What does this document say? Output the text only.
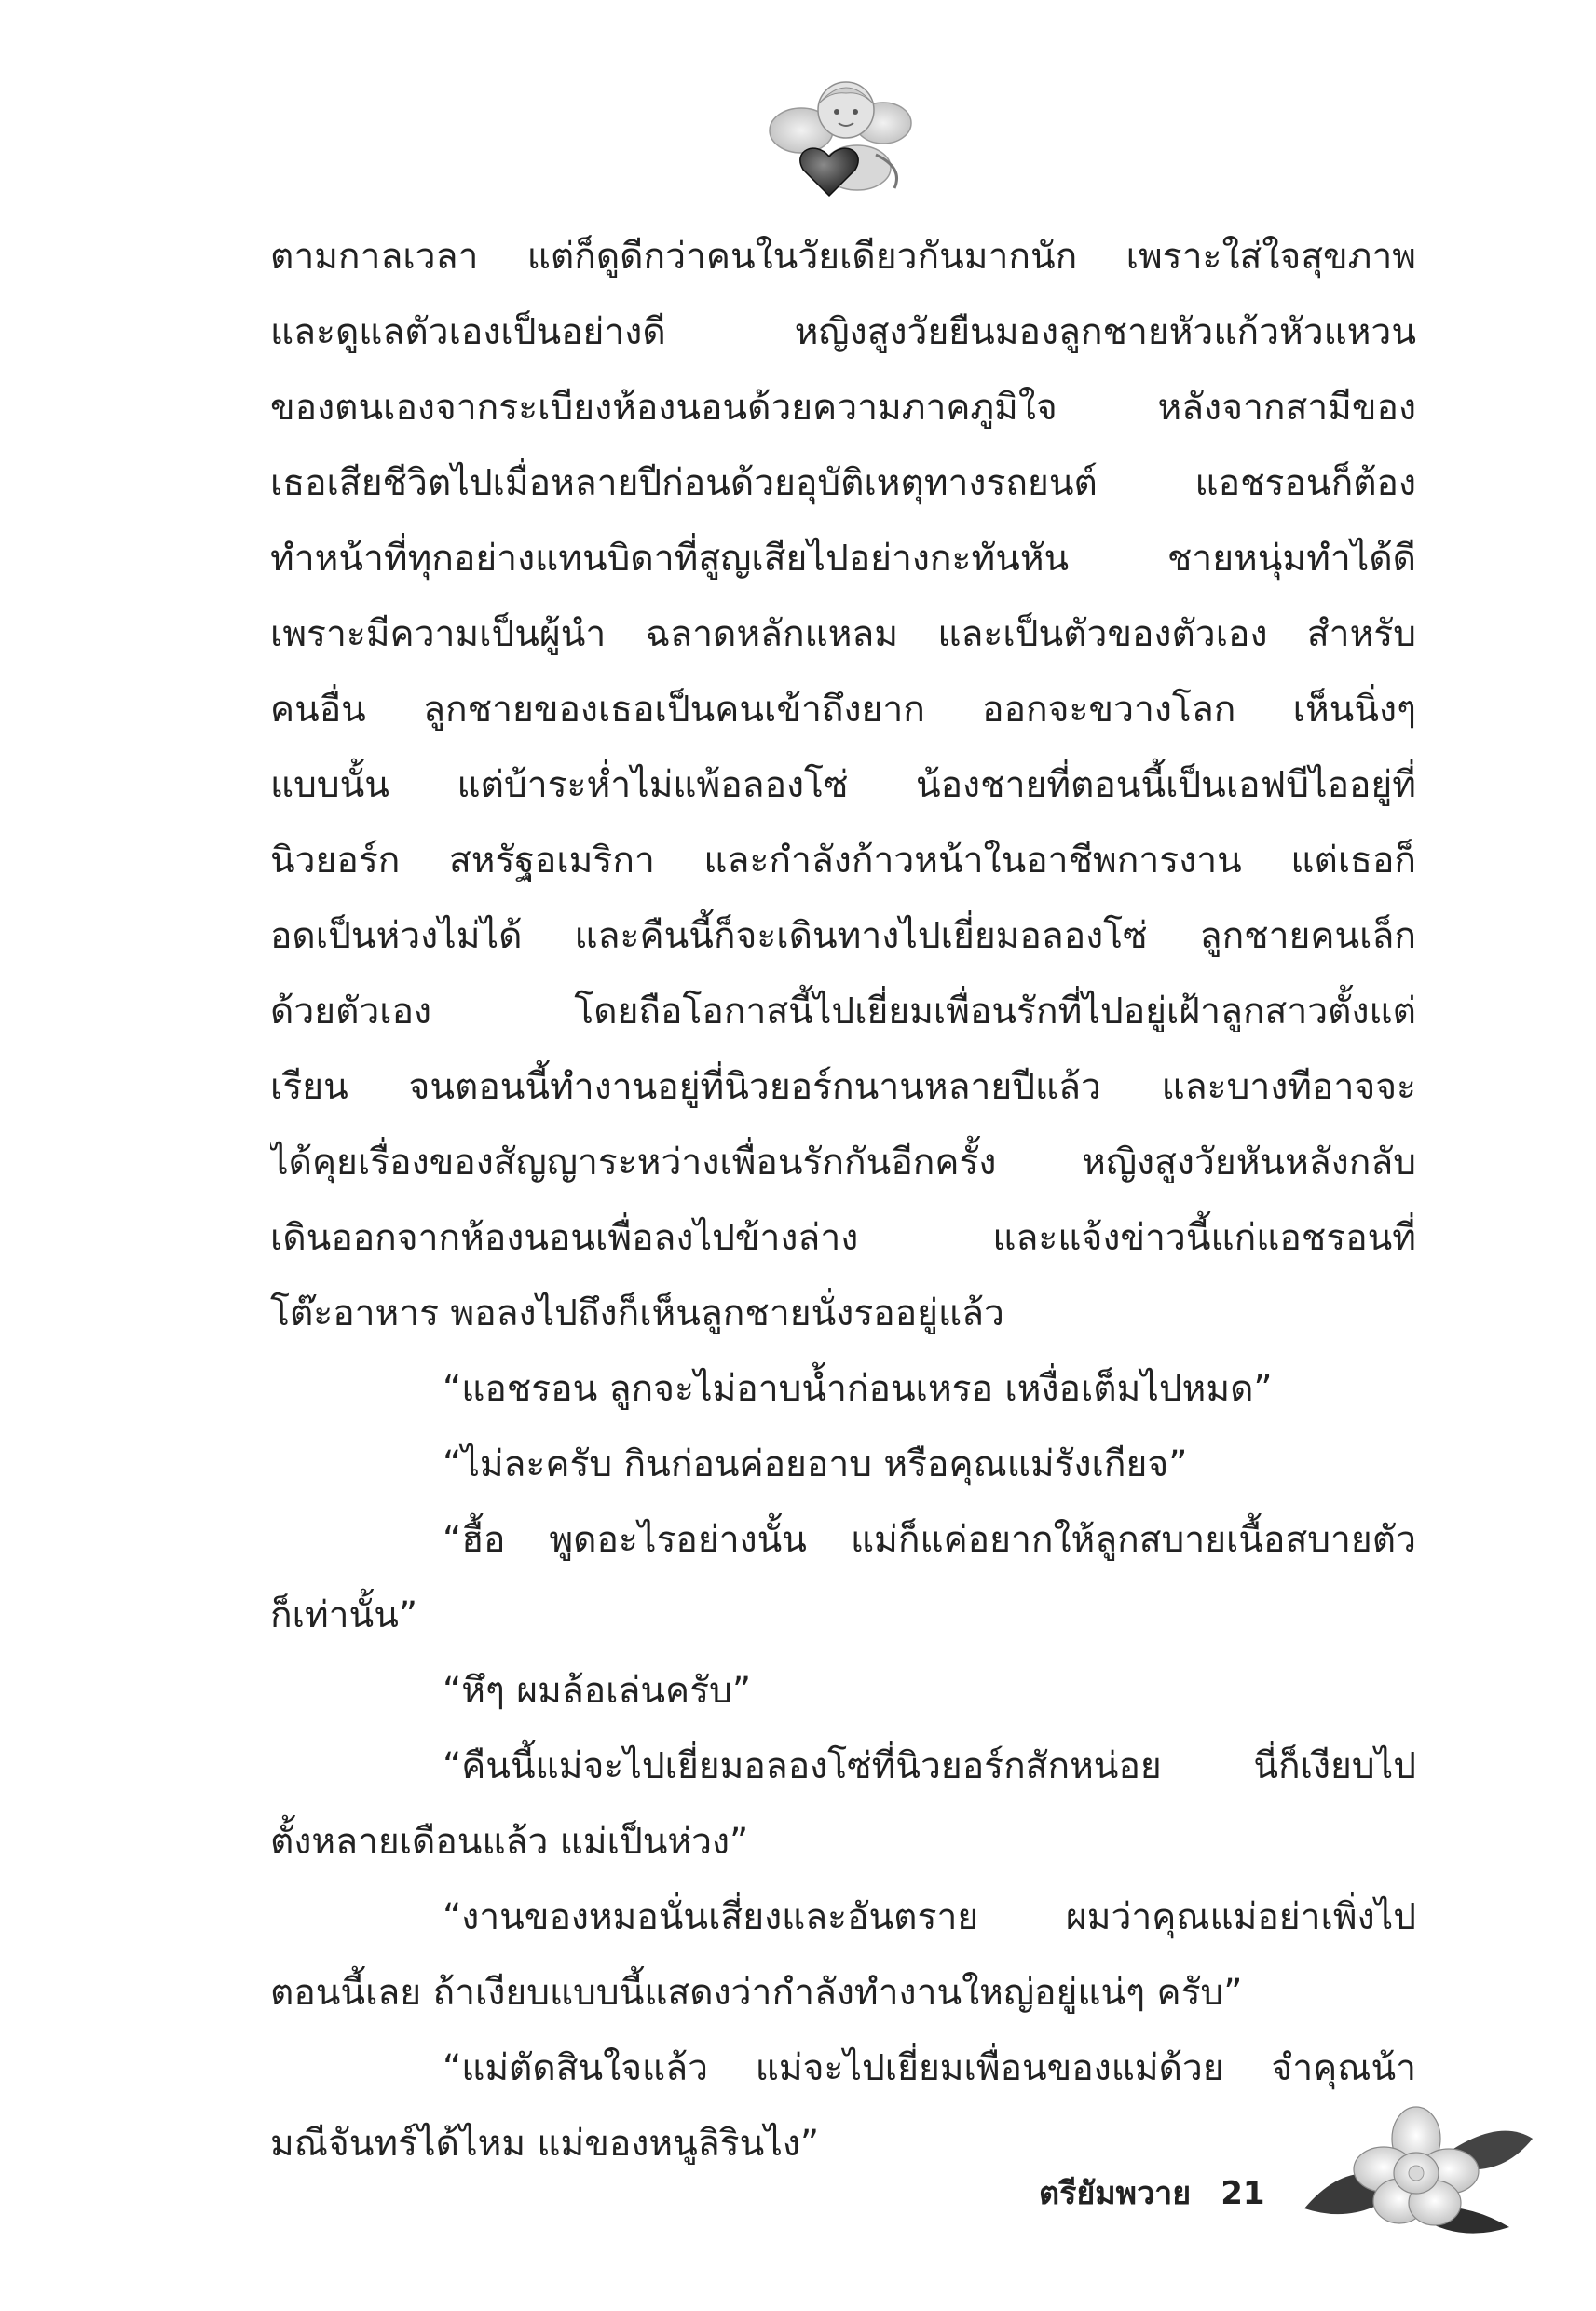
ตามกาลเวลา แต่ก็ดูดีกว่าคนในวัยเดียวกันมากนัก เพราะใส่ใจสุขภาพ
และดูแลตัวเองเป็นอย่างดี หญิงสูงวัยยืนมองลูกชายหัวแก้วหัวแหวน
ของตนเองจากระเบียงห้องนอนด้วยความภาคภูมิใจ หลังจากสามีของ
เธอเสียชีวิตไปเมื่อหลายปีก่อนด้วยอุบัติเหตุทางรถยนต์ แอชรอนก็ต้อง
ทำหน้าที่ทุกอย่างแทนบิดาที่สูญเสียไปอย่างกะทันหัน ชายหนุ่มทำได้ดี
เพราะมีความเป็นผู้นำ ฉลาดหลักแหลม และเป็นตัวของตัวเอง สำหรับ
คนอื่น ลูกชายของเธอเป็นคนเข้าถึงยาก ออกจะขวางโลก เห็นนิ่งๆ
แบบนั้น แต่บ้าระห่ำไม่แพ้อลองโซ่ น้องชายที่ตอนนี้เป็นเอฟบีไออยู่ที่
นิวยอร์ก สหรัฐอเมริกา และกำลังก้าวหน้าในอาชีพการงาน แต่เธอก็
อดเป็นห่วงไม่ได้ และคืนนี้ก็จะเดินทางไปเยี่ยมอลองโซ่ ลูกชายคนเล็ก
ด้วยตัวเอง โดยถือโอกาสนี้ไปเยี่ยมเพื่อนรักที่ไปอยู่เฝ้าลูกสาวตั้งแต่
เรียน จนตอนนี้ทำงานอยู่ที่นิวยอร์กนานหลายปีแล้ว และบางทีอาจจะ
ได้คุยเรื่องของสัญญาระหว่างเพื่อนรักกันอีกครั้ง หญิงสูงวัยหันหลังกลับ
เดินออกจากห้องนอนเพื่อลงไปข้างล่าง และแจ้งข่าวนี้แก่แอชรอนที่
โต๊ะอาหาร พอลงไปถึงก็เห็นลูกชายนั่งรออยู่แล้ว
“แอชรอน ลูกจะไม่อาบน้ำก่อนเหรอ เหงื่อเต็มไปหมด”
“ไม่ละครับ กินก่อนค่อยอาบ หรือคุณแม่รังเกียจ”
“ฮื้อ พูดอะไรอย่างนั้น แม่ก็แค่อยากให้ลูกสบายเนื้อสบายตัว
ก็เท่านั้น”
“หึๆ ผมล้อเล่นครับ”
“คืนนี้แม่จะไปเยี่ยมอลองโซ่ที่นิวยอร์กสักหน่อย นี่ก็เงียบไป
ตั้งหลายเดือนแล้ว แม่เป็นห่วง”
“งานของหมอนั่นเสี่ยงและอันตราย ผมว่าคุณแม่อย่าเพิ่งไป
ตอนนี้เลย ถ้าเงียบแบบนี้แสดงว่ากำลังทำงานใหญ่อยู่แน่ๆ ครับ”
“แม่ตัดสินใจแล้ว แม่จะไปเยี่ยมเพื่อนของแม่ด้วย จำคุณน้า
มณีจันทร์ได้ไหม แม่ของหนูลิรินไง”
ตรียัมพวาย 21
